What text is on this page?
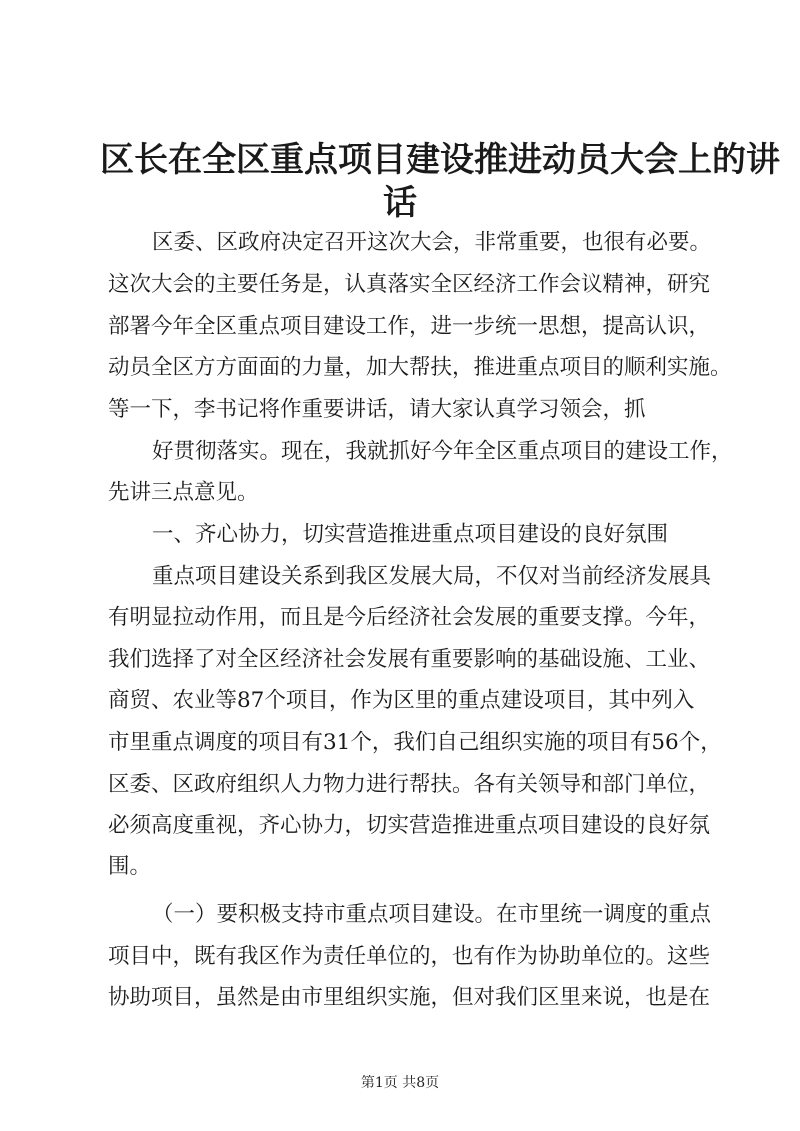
区长在全区重点项目建设推进动员大会上的讲
话
区委、区政府决定召开这次大会，非常重要，也很有必要。
这次大会的主要任务是，认真落实全区经济工作会议精神，研究
部署今年全区重点项目建设工作，进一步统一思想，提高认识，
动员全区方方面面的力量，加大帮扶，推进重点项目的顺利实施。
等一下，李书记将作重要讲话，请大家认真学习领会，抓
好贯彻落实。现在，我就抓好今年全区重点项目的建设工作，
先讲三点意见。
一、齐心协力，切实营造推进重点项目建设的良好氛围
重点项目建设关系到我区发展大局，不仅对当前经济发展具
有明显拉动作用，而且是今后经济社会发展的重要支撑。今年，
我们选择了对全区经济社会发展有重要影响的基础设施、工业、
商贸、农业等87个项目，作为区里的重点建设项目，其中列入
市里重点调度的项目有31个，我们自己组织实施的项目有56个，
区委、区政府组织人力物力进行帮扶。各有关领导和部门单位，
必须高度重视，齐心协力，切实营造推进重点项目建设的良好氛
围。
（一）要积极支持市重点项目建设。在市里统一调度的重点
项目中，既有我区作为责任单位的，也有作为协助单位的。这些
协助项目，虽然是由市里组织实施，但对我们区里来说，也是在
第1页 共8页
